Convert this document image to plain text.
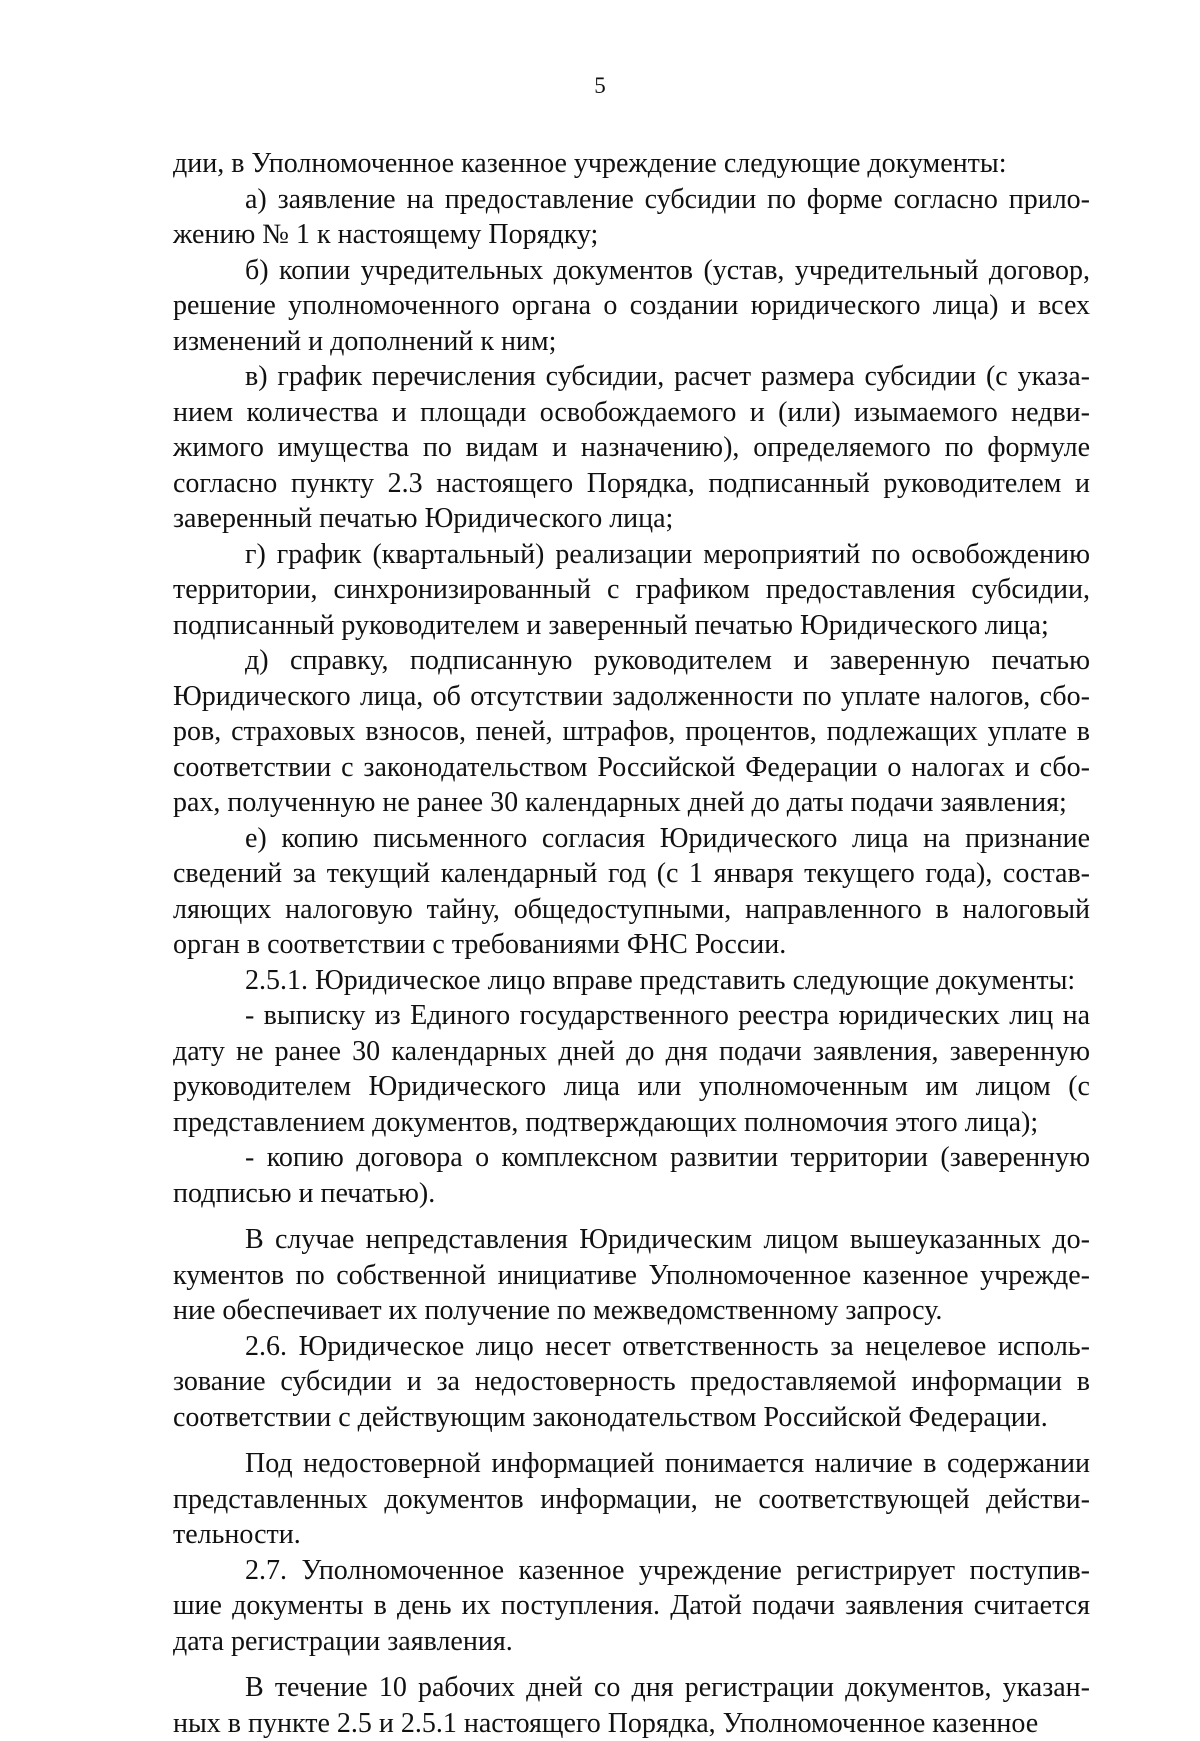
5

дии, в Уполномоченное казенное учреждение следующие документы:

а) заявление на предоставление субсидии по форме согласно приложению № 1 к настоящему Порядку;

б) копии учредительных документов (устав, учредительный договор, решение уполномоченного органа о создании юридического лица) и всех изменений и дополнений к ним;

в) график перечисления субсидии, расчет размера субсидии (с указанием количества и площади освобождаемого и (или) изымаемого недвижимого имущества по видам и назначению), определяемого по формуле согласно пункту 2.3 настоящего Порядка, подписанный руководителем и заверенный печатью Юридического лица;

г) график (квартальный) реализации мероприятий по освобождению территории, синхронизированный с графиком предоставления субсидии, подписанный руководителем и заверенный печатью Юридического лица;

д) справку, подписанную руководителем и заверенную печатью Юридического лица, об отсутствии задолженности по уплате налогов, сборов, страховых взносов, пеней, штрафов, процентов, подлежащих уплате в соответствии с законодательством Российской Федерации о налогах и сборах, полученную не ранее 30 календарных дней до даты подачи заявления;

е) копию письменного согласия Юридического лица на признание сведений за текущий календарный год (с 1 января текущего года), составляющих налоговую тайну, общедоступными, направленного в налоговый орган в соответствии с требованиями ФНС России.

2.5.1. Юридическое лицо вправе представить следующие документы:

- выписку из Единого государственного реестра юридических лиц на дату не ранее 30 календарных дней до дня подачи заявления, заверенную руководителем Юридического лица или уполномоченным им лицом (с представлением документов, подтверждающих полномочия этого лица);

- копию договора о комплексном развитии территории (заверенную подписью и печатью).

В случае непредставления Юридическим лицом вышеуказанных документов по собственной инициативе Уполномоченное казенное учреждение обеспечивает их получение по межведомственному запросу.

2.6. Юридическое лицо несет ответственность за нецелевое использование субсидии и за недостоверность предоставляемой информации в соответствии с действующим законодательством Российской Федерации.

Под недостоверной информацией понимается наличие в содержании представленных документов информации, не соответствующей действительности.

2.7. Уполномоченное казенное учреждение регистрирует поступившие документы в день их поступления. Датой подачи заявления считается дата регистрации заявления.

В течение 10 рабочих дней со дня регистрации документов, указанных в пункте 2.5 и 2.5.1 настоящего Порядка, Уполномоченное казенное
